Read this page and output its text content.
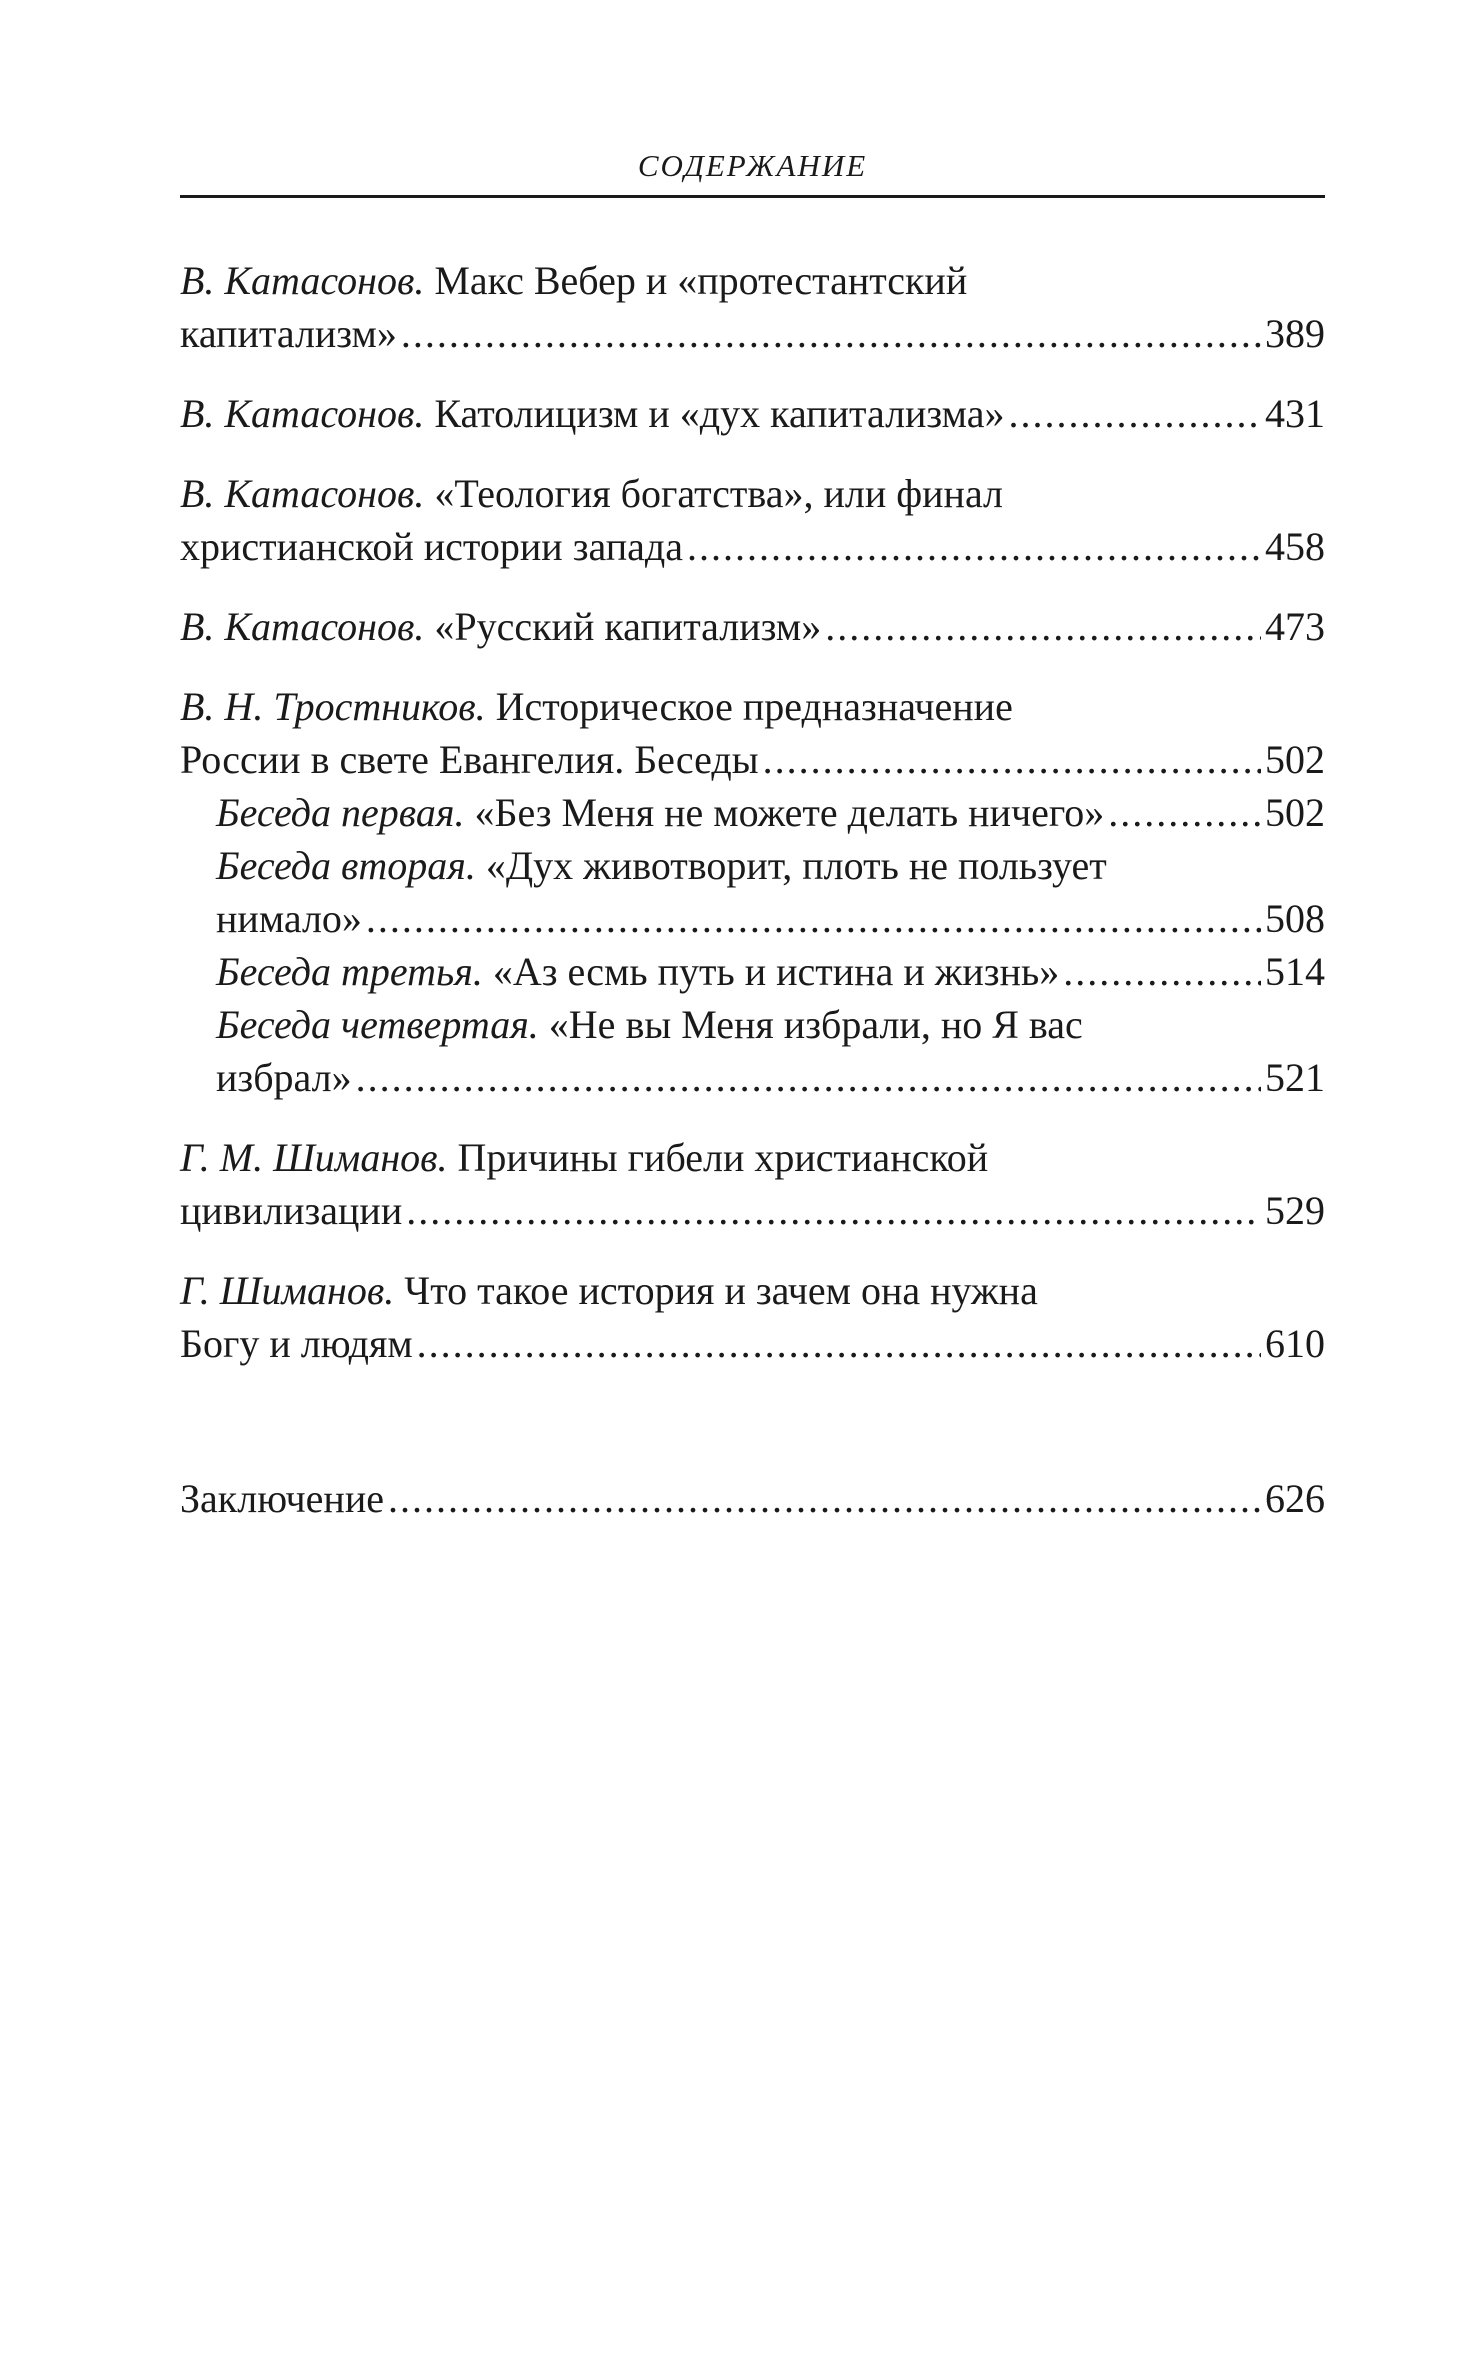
СОДЕРЖАНИЕ
В. Катасонов. Макс Вебер и «протестантский
капитализм» .....	389
В. Катасонов. Католицизм и «дух капитализма» .....	431
В. Катасонов. «Теология богатства», или финал
христианской истории запада .....	458
В. Катасонов. «Русский капитализм» .....	473
В. Н. Тростников. Историческое предназначение
России в свете Евангелия. Беседы .....	502
Беседа первая. «Без Меня не можете делать ничего» .....	502
Беседа вторая. «Дух животворит, плоть не пользует
нимало» .....	508
Беседа третья. «Аз есмь путь и истина и жизнь» .....	514
Беседа четвертая. «Не вы Меня избрали, но Я вас
избрал» .....	521
Г. М. Шиманов. Причины гибели христианской
цивилизации .....	529
Г. Шиманов. Что такое история и зачем она нужна
Богу и людям .....	610
Заключение .....	626
